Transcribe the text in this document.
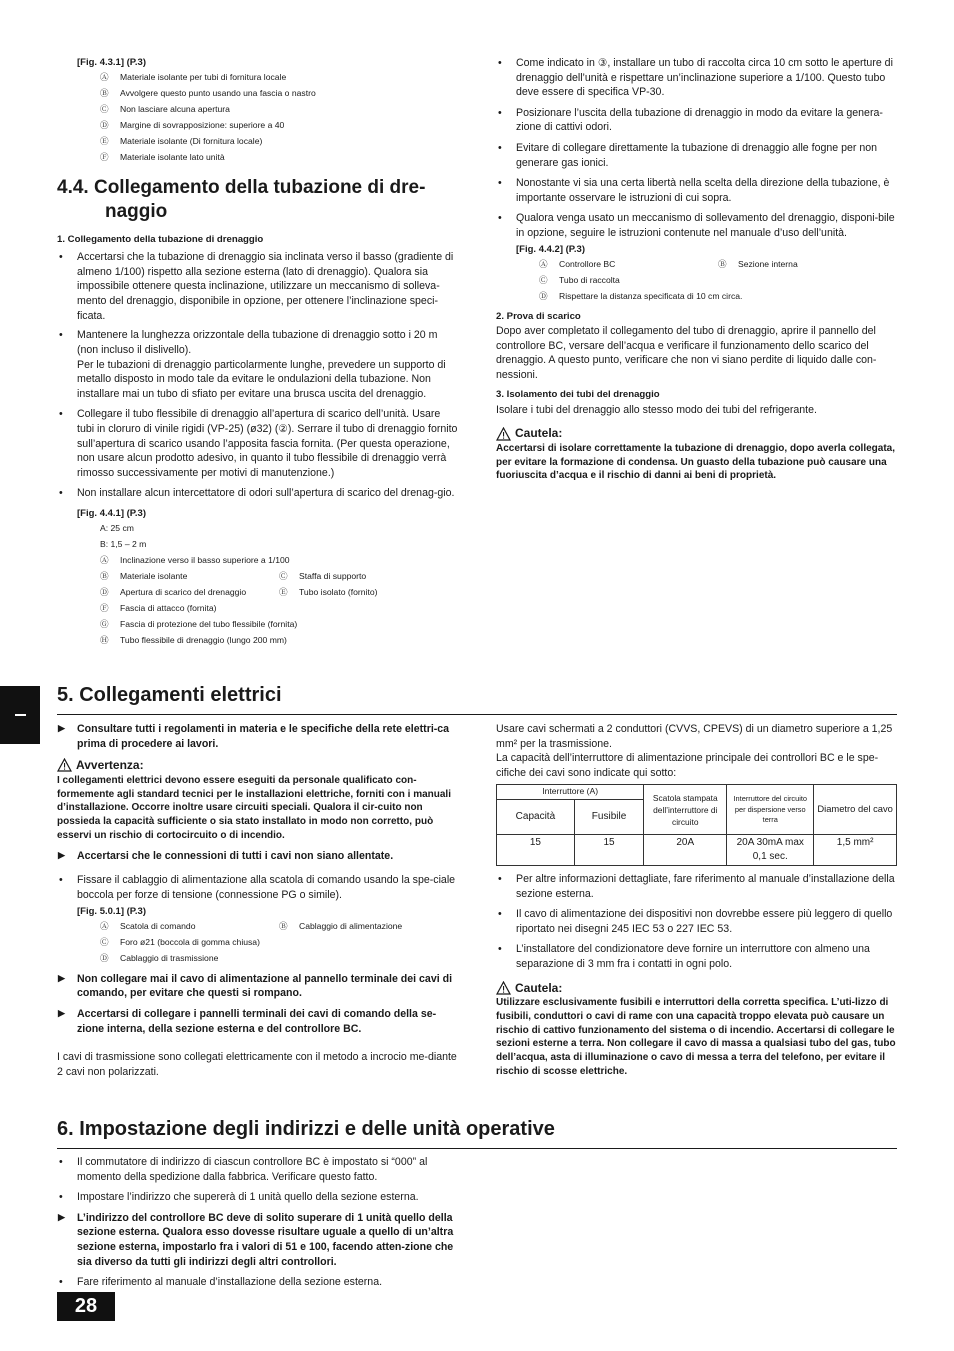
[Fig. 4.3.1] (P.3)
Ⓐ Materiale isolante per tubi di fornitura locale
Ⓑ Avvolgere questo punto usando una fascia o nastro
Ⓒ Non lasciare alcuna apertura
Ⓓ Margine di sovrapposizione: superiore a 40
Ⓔ Materiale isolante (Di fornitura locale)
Ⓕ Materiale isolante lato unità
4.4. Collegamento della tubazione di dre-
naggio
1. Collegamento della tubazione di drenaggio
• Accertarsi che la tubazione di drenaggio sia inclinata verso il basso (gradiente di almeno 1/100) rispetto alla sezione esterna (lato di drenaggio). Qualora sia impossibile ottenere questa inclinazione, utilizzare un meccanismo di solleva-mento del drenaggio, disponibile in opzione, per ottenere l’inclinazione speci-ficata.
• Mantenere la lunghezza orizzontale della tubazione di drenaggio sotto i 20 m (non incluso il dislivello).
Per le tubazioni di drenaggio particolarmente lunghe, prevedere un supporto di metallo disposto in modo tale da evitare le ondulazioni della tubazione. Non installare mai un tubo di sfiato per evitare una brusca uscita del drenaggio.
• Collegare il tubo flessibile di drenaggio all’apertura di scarico dell’unità. Usare tubi in cloruro di vinile rigidi (VP-25) (ø32) (②). Serrare il tubo di drenaggio fornito sull’apertura di scarico usando l’apposita fascia fornita. (Per questa operazione, non usare alcun prodotto adesivo, in quanto il tubo flessibile di drenaggio verrà rimosso successivamente per motivi di manutenzione.)
• Non installare alcun intercettatore di odori sull’apertura di scarico del drenag-gio.
[Fig. 4.4.1] (P.3)
A: 25 cm
B: 1,5 – 2 m
Ⓐ Inclinazione verso il basso superiore a 1/100
Ⓑ Materiale isolante	Ⓒ Staffa di supporto
Ⓓ Apertura di scarico del drenaggio	Ⓔ Tubo isolato (fornito)
Ⓕ Fascia di attacco (fornita)
Ⓖ Fascia di protezione del tubo flessibile (fornita)
Ⓗ Tubo flessibile di drenaggio (lungo 200 mm)
• Come indicato in ③, installare un tubo di raccolta circa 10 cm sotto le aperture di drenaggio dell’unità e rispettare un’inclinazione superiore a 1/100. Questo tubo deve essere di specifica VP-30.
• Posizionare l’uscita della tubazione di drenaggio in modo da evitare la genera-zione di cattivi odori.
• Evitare di collegare direttamente la tubazione di drenaggio alle fogne per non generare gas ionici.
• Nonostante vi sia una certa libertà nella scelta della direzione della tubazione, è importante osservare le istruzioni di cui sopra.
• Qualora venga usato un meccanismo di sollevamento del drenaggio, disponi-bile in opzione, seguire le istruzioni contenute nel manuale d’uso dell’unità.
[Fig. 4.4.2] (P.3)
Ⓐ Controllore BC	Ⓑ Sezione interna
Ⓒ Tubo di raccolta
Ⓓ Rispettare la distanza specificata di 10 cm circa.
2. Prova di scarico
Dopo aver completato il collegamento del tubo di drenaggio, aprire il pannello del controllore BC, versare dell’acqua e verificare il funzionamento dello scarico del drenaggio. A questo punto, verificare che non vi siano perdite di liquido dalle con-nessioni.
3. Isolamento dei tubi del drenaggio
Isolare i tubi del drenaggio allo stesso modo dei tubi del refrigerante.
Cautela:
Accertarsi di isolare correttamente la tubazione di drenaggio, dopo averla collegata, per evitare la formazione di condensa. Un guasto della tubazione può causare una fuoriuscita d’acqua e il rischio di danni ai beni di proprietà.
5. Collegamenti elettrici
▶ Consultare tutti i regolamenti in materia e le specifiche della rete elettri-ca prima di procedere ai lavori.
Avvertenza:
I collegamenti elettrici devono essere eseguiti da personale qualificato con-formemente agli standard tecnici per le installazioni elettriche, forniti con i manuali d’installazione. Occorre inoltre usare circuiti speciali. Qualora il cir-cuito non possieda la capacità sufficiente o sia stato installato in modo non corretto, può esservi un rischio di cortocircuito o di incendio.
▶ Accertarsi che le connessioni di tutti i cavi non siano allentate.
• Fissare il cablaggio di alimentazione alla scatola di comando usando la spe-ciale boccola per forze di tensione (connessione PG o simile).
[Fig. 5.0.1] (P.3)
Ⓐ Scatola di comando	Ⓑ Cablaggio di alimentazione
Ⓒ Foro ø21 (boccola di gomma chiusa)
Ⓓ Cablaggio di trasmissione
▶ Non collegare mai il cavo di alimentazione al pannello terminale dei cavi di comando, per evitare che questi si rompano.
▶ Accertarsi di collegare i pannelli terminali dei cavi di comando della se-zione interna, della sezione esterna e del controllore BC.
I cavi di trasmissione sono collegati elettricamente con il metodo a incrocio me-diante 2 cavi non polarizzati.
Usare cavi schermati a 2 conduttori (CVVS, CPEVS) di un diametro superiore a 1,25 mm² per la trasmissione.
La capacità dell’interruttore di alimentazione principale dei controllori BC e le spe-cifiche dei cavi sono indicate qui sotto:
Interruttore (A)		Scatola stampata dell’interruttore di circuito	Interruttore del circuito per dispersione verso terra	Diametro del cavo
Capacità	Fusibile			
15	15	20A	20A 30mA max 0,1 sec.	1,5 mm²
• Per altre informazioni dettagliate, fare riferimento al manuale d’installazione della sezione esterna.
• Il cavo di alimentazione dei dispositivi non dovrebbe essere più leggero di quello riportato nei disegni 245 IEC 53 o 227 IEC 53.
• L’installatore del condizionatore deve fornire un interruttore con almeno una separazione di 3 mm fra i contatti in ogni polo.
Cautela:
Utilizzare esclusivamente fusibili e interruttori della corretta specifica. L’uti-lizzo di fusibili, conduttori o cavi di rame con una capacità troppo elevata può causare un rischio di cattivo funzionamento del sistema o di incendio. Accertarsi di collegare le sezioni esterne a terra. Non collegare il cavo di massa a qualsiasi tubo del gas, tubo dell’acqua, asta di illuminazione o cavo di messa a terra del telefono, per evitare il rischio di scosse elettriche.
6. Impostazione degli indirizzi e delle unità operative
• Il commutatore di indirizzo di ciascun controllore BC è impostato si “000” al momento della spedizione dalla fabbrica. Verificare questo fatto.
• Impostare l’indirizzo che supererà di 1 unità quello della sezione esterna.
▶ L’indirizzo del controllore BC deve di solito superare di 1 unità quello della sezione esterna. Qualora esso dovesse risultare uguale a quello di un’altra sezione esterna, impostarlo fra i valori di 51 e 100, facendo atten-zione che sia diverso da tutti gli indirizzi degli altri controllori.
• Fare riferimento al manuale d’installazione della sezione esterna.
28
